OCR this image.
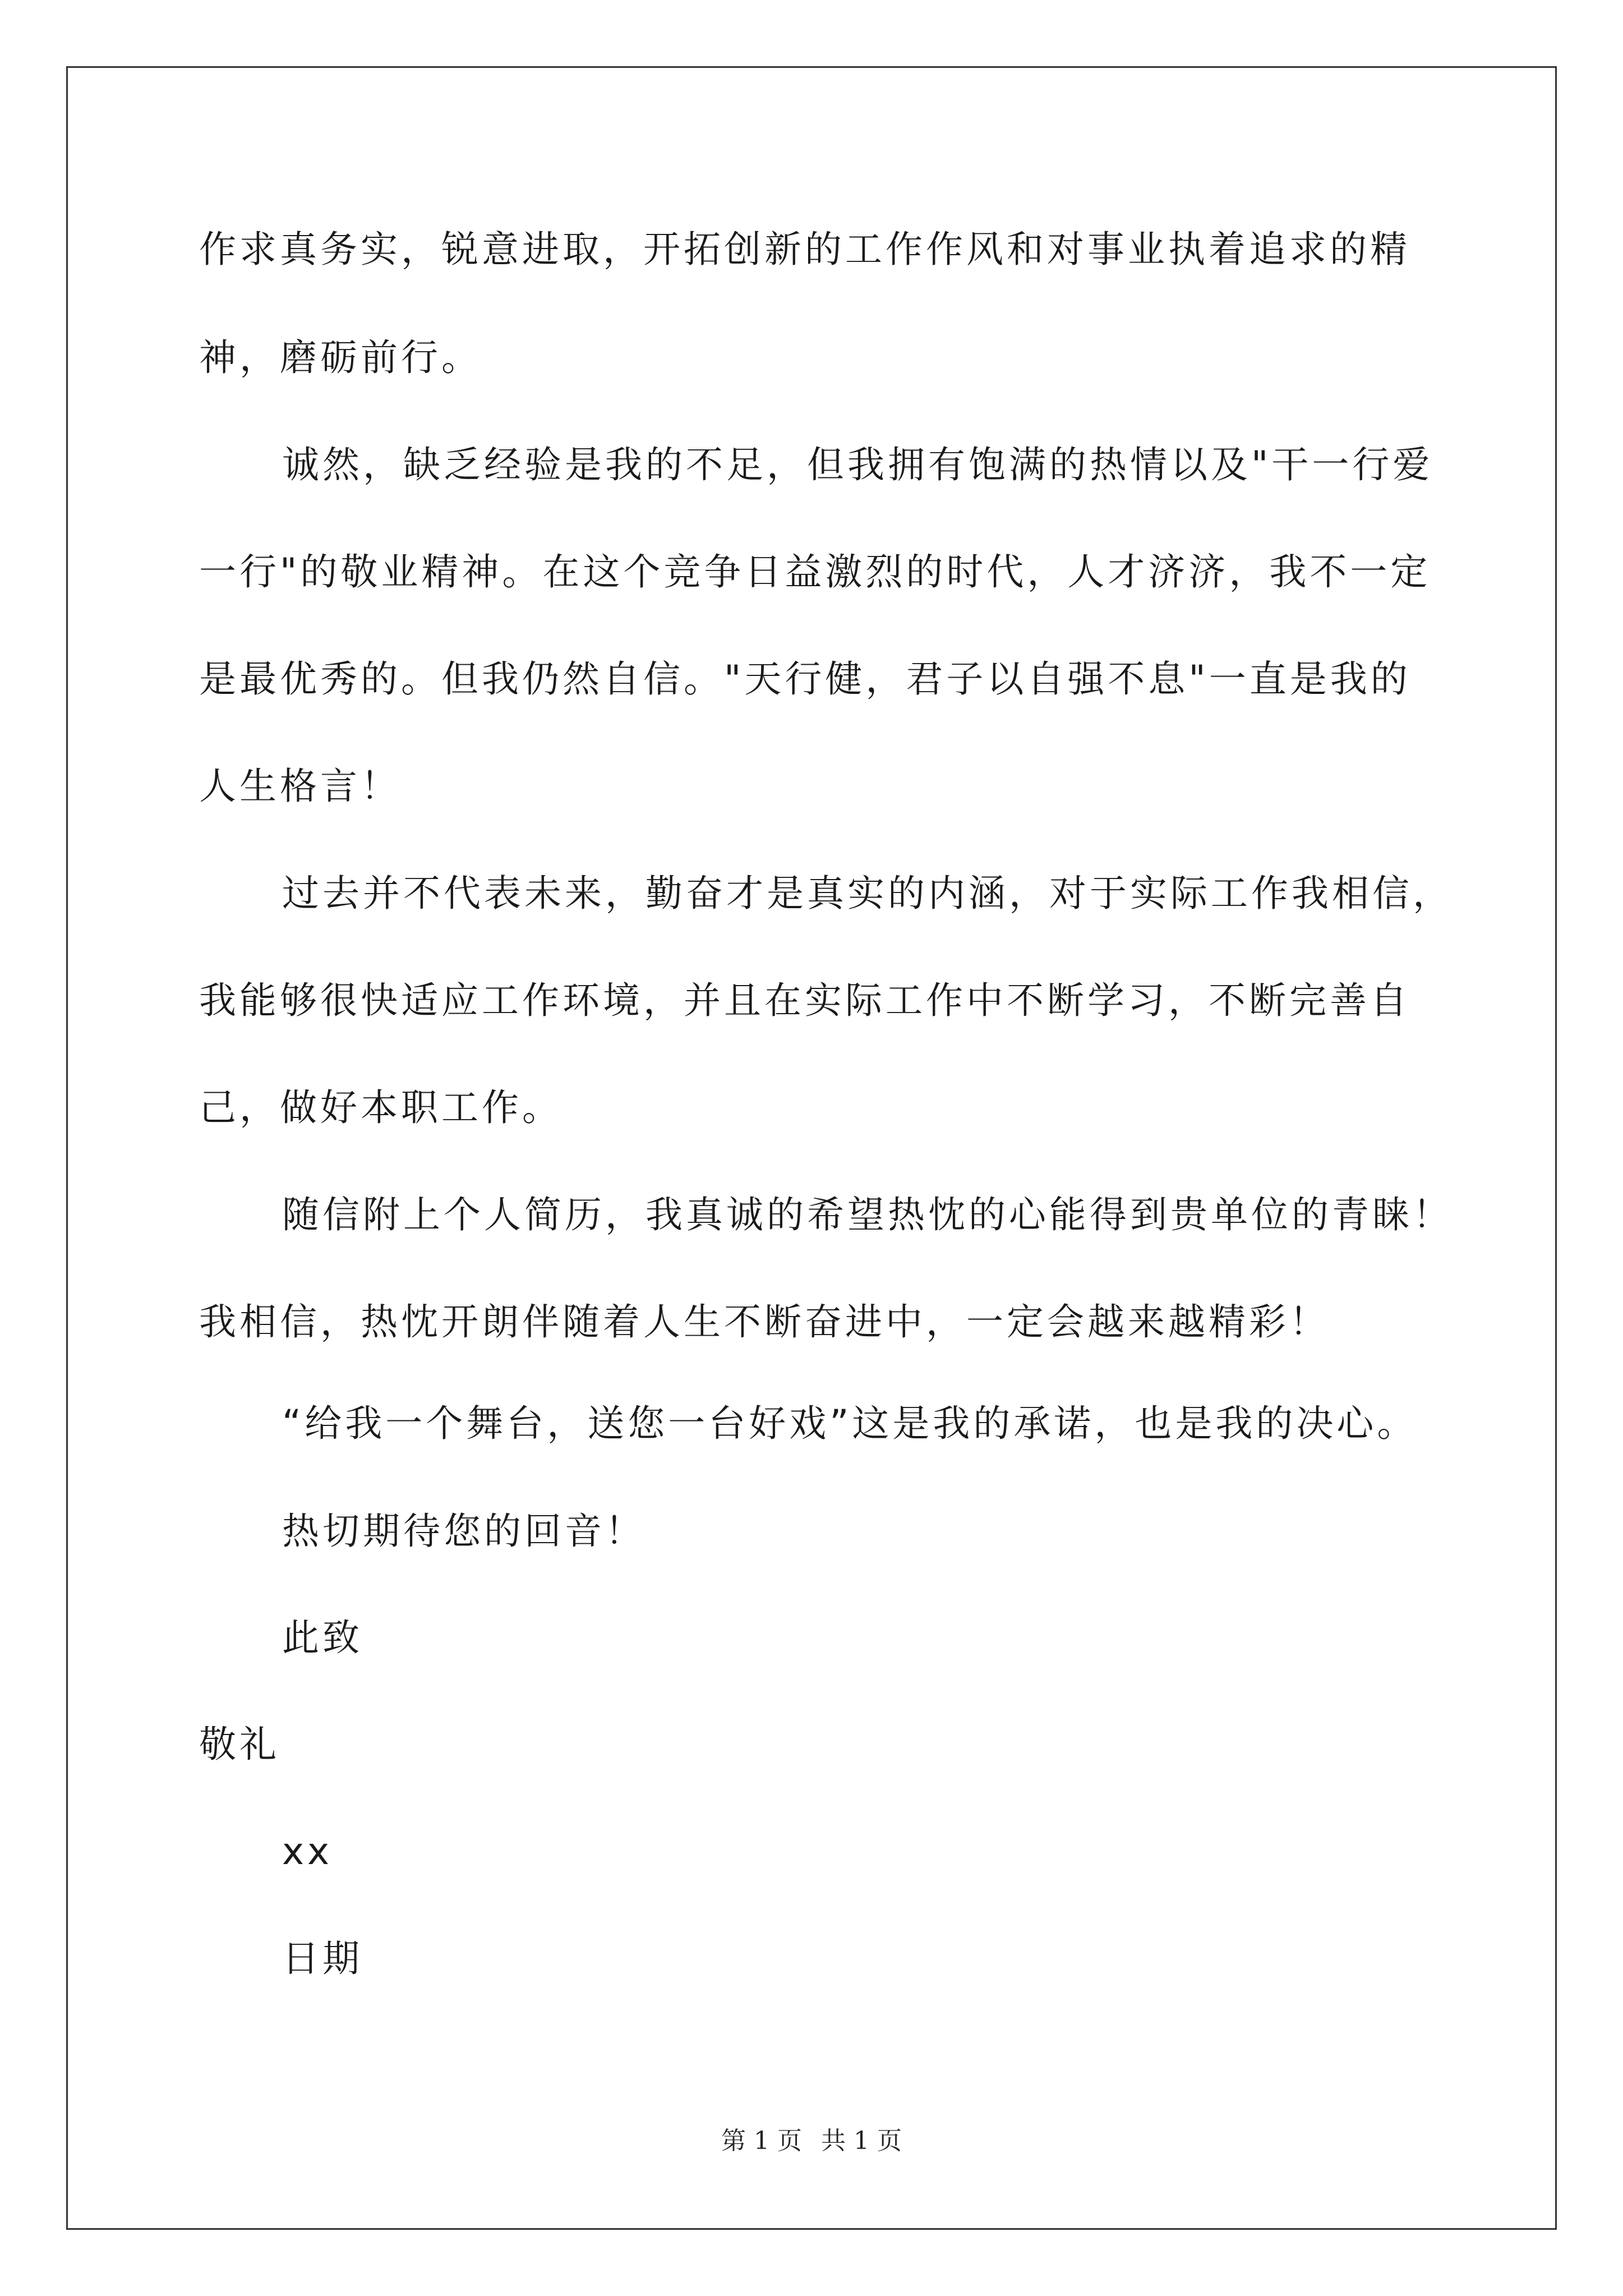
作求真务实，锐意进取，开拓创新的工作作风和对事业执着追求的精
神，磨砺前行。
诚然，缺乏经验是我的不足，但我拥有饱满的热情以及"干一行爱
一行"的敬业精神。在这个竞争日益激烈的时代，人才济济，我不一定
是最优秀的。但我仍然自信。"天行健，君子以自强不息"一直是我的
人生格言！
过去并不代表未来，勤奋才是真实的内涵，对于实际工作我相信，
我能够很快适应工作环境，并且在实际工作中不断学习，不断完善自
己，做好本职工作。
随信附上个人简历，我真诚的希望热忱的心能得到贵单位的青睐！
我相信，热忱开朗伴随着人生不断奋进中，一定会越来越精彩！
“给我一个舞台，送您一台好戏”这是我的承诺，也是我的决心。
热切期待您的回音！
此致
敬礼
xx
日期
第 1 页 共 1 页
